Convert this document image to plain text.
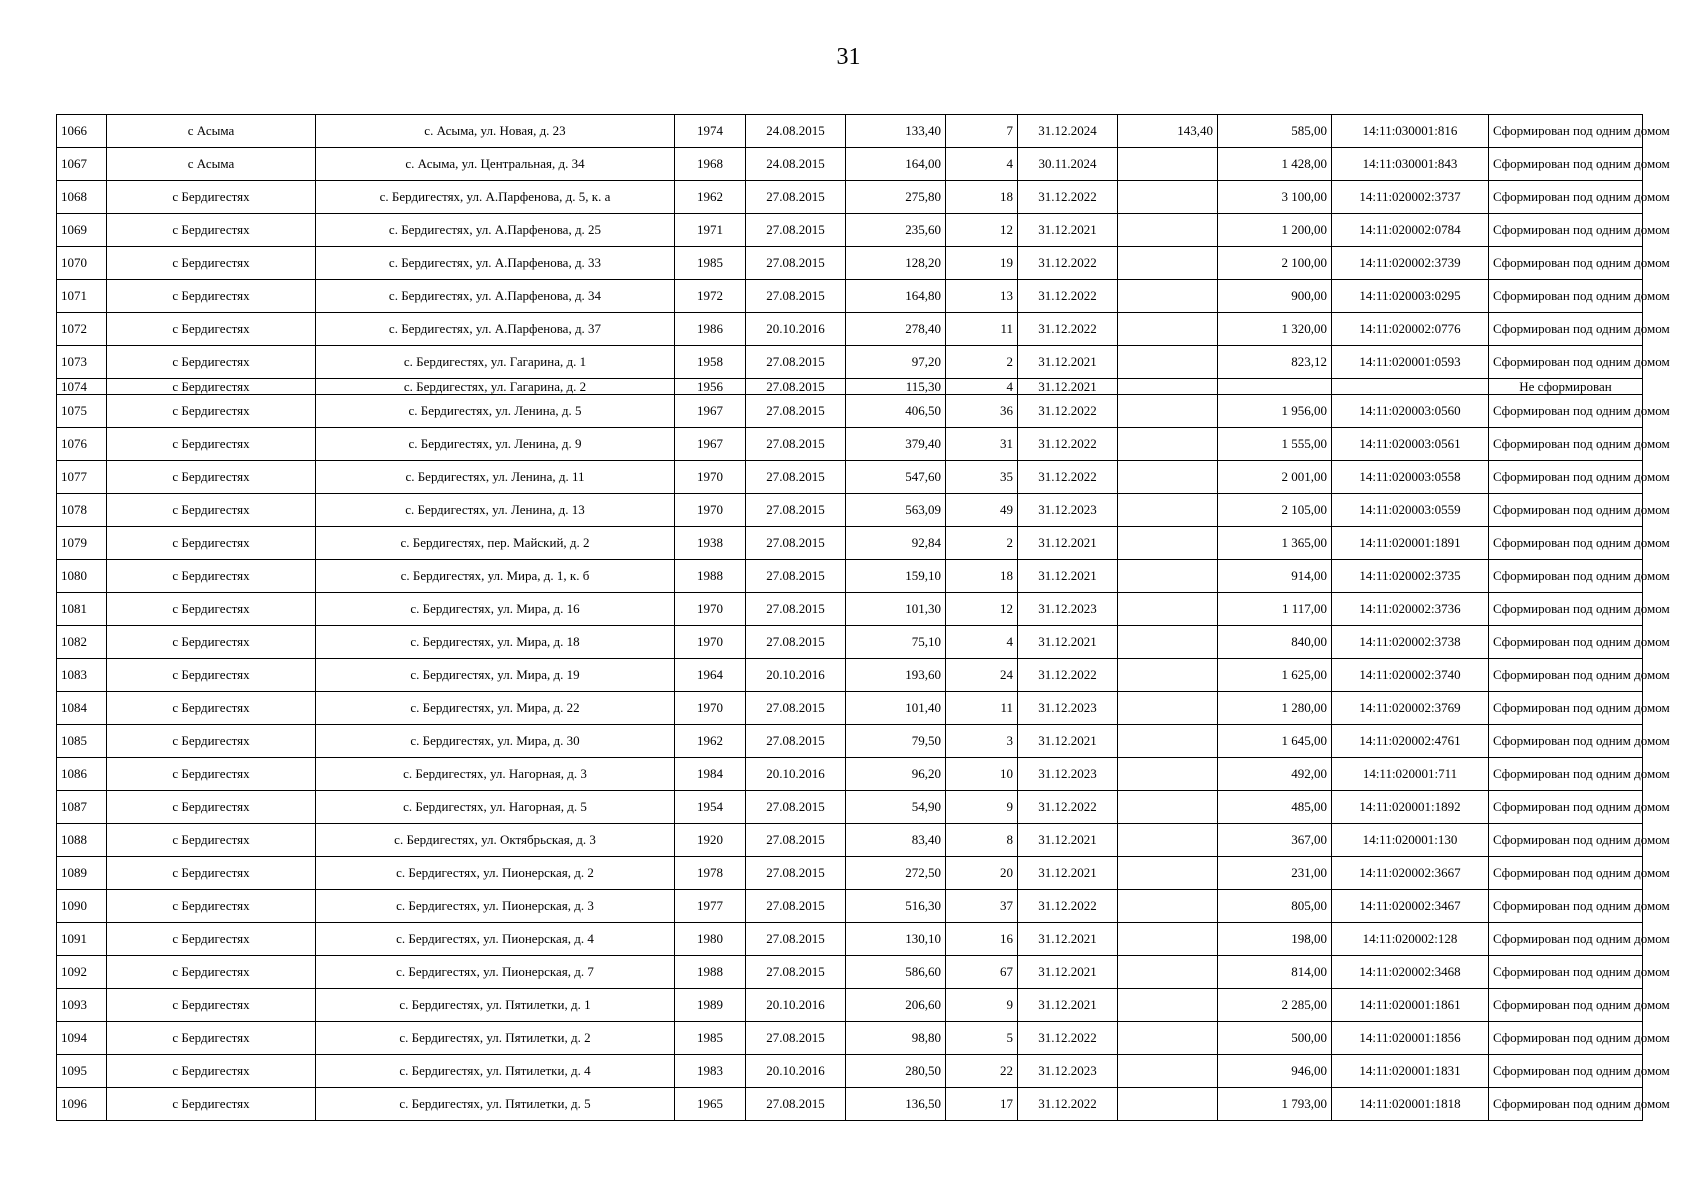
31
1066	с Асыма	с. Асыма, ул. Новая, д. 23	1974	24.08.2015	133,40	7	31.12.2024	143,40	585,00	14:11:030001:816	Сформирован под одним домом
1067	с Асыма	с. Асыма, ул. Центральная, д. 34	1968	24.08.2015	164,00	4	30.11.2024		1 428,00	14:11:030001:843	Сформирован под одним домом
1068	с Бердигестях	с. Бердигестях, ул. А.Парфенова, д. 5, к. а	1962	27.08.2015	275,80	18	31.12.2022		3 100,00	14:11:020002:3737	Сформирован под одним домом
1069	с Бердигестях	с. Бердигестях, ул. А.Парфенова, д. 25	1971	27.08.2015	235,60	12	31.12.2021		1 200,00	14:11:020002:0784	Сформирован под одним домом
1070	с Бердигестях	с. Бердигестях, ул. А.Парфенова, д. 33	1985	27.08.2015	128,20	19	31.12.2022		2 100,00	14:11:020002:3739	Сформирован под одним домом
1071	с Бердигестях	с. Бердигестях, ул. А.Парфенова, д. 34	1972	27.08.2015	164,80	13	31.12.2022		900,00	14:11:020003:0295	Сформирован под одним домом
1072	с Бердигестях	с. Бердигестях, ул. А.Парфенова, д. 37	1986	20.10.2016	278,40	11	31.12.2022		1 320,00	14:11:020002:0776	Сформирован под одним домом
1073	с Бердигестях	с. Бердигестях, ул. Гагарина, д. 1	1958	27.08.2015	97,20	2	31.12.2021		823,12	14:11:020001:0593	Сформирован под одним домом
1074	с Бердигестях	с. Бердигестях, ул. Гагарина, д. 2	1956	27.08.2015	115,30	4	31.12.2021				Не сформирован
1075	с Бердигестях	с. Бердигестях, ул. Ленина, д. 5	1967	27.08.2015	406,50	36	31.12.2022		1 956,00	14:11:020003:0560	Сформирован под одним домом
1076	с Бердигестях	с. Бердигестях, ул. Ленина, д. 9	1967	27.08.2015	379,40	31	31.12.2022		1 555,00	14:11:020003:0561	Сформирован под одним домом
1077	с Бердигестях	с. Бердигестях, ул. Ленина, д. 11	1970	27.08.2015	547,60	35	31.12.2022		2 001,00	14:11:020003:0558	Сформирован под одним домом
1078	с Бердигестях	с. Бердигестях, ул. Ленина, д. 13	1970	27.08.2015	563,09	49	31.12.2023		2 105,00	14:11:020003:0559	Сформирован под одним домом
1079	с Бердигестях	с. Бердигестях, пер. Майский, д. 2	1938	27.08.2015	92,84	2	31.12.2021		1 365,00	14:11:020001:1891	Сформирован под одним домом
1080	с Бердигестях	с. Бердигестях, ул. Мира, д. 1, к. б	1988	27.08.2015	159,10	18	31.12.2021		914,00	14:11:020002:3735	Сформирован под одним домом
1081	с Бердигестях	с. Бердигестях, ул. Мира, д. 16	1970	27.08.2015	101,30	12	31.12.2023		1 117,00	14:11:020002:3736	Сформирован под одним домом
1082	с Бердигестях	с. Бердигестях, ул. Мира, д. 18	1970	27.08.2015	75,10	4	31.12.2021		840,00	14:11:020002:3738	Сформирован под одним домом
1083	с Бердигестях	с. Бердигестях, ул. Мира, д. 19	1964	20.10.2016	193,60	24	31.12.2022		1 625,00	14:11:020002:3740	Сформирован под одним домом
1084	с Бердигестях	с. Бердигестях, ул. Мира, д. 22	1970	27.08.2015	101,40	11	31.12.2023		1 280,00	14:11:020002:3769	Сформирован под одним домом
1085	с Бердигестях	с. Бердигестях, ул. Мира, д. 30	1962	27.08.2015	79,50	3	31.12.2021		1 645,00	14:11:020002:4761	Сформирован под одним домом
1086	с Бердигестях	с. Бердигестях, ул. Нагорная, д. 3	1984	20.10.2016	96,20	10	31.12.2023		492,00	14:11:020001:711	Сформирован под одним домом
1087	с Бердигестях	с. Бердигестях, ул. Нагорная, д. 5	1954	27.08.2015	54,90	9	31.12.2022		485,00	14:11:020001:1892	Сформирован под одним домом
1088	с Бердигестях	с. Бердигестях, ул. Октябрьская, д. 3	1920	27.08.2015	83,40	8	31.12.2021		367,00	14:11:020001:130	Сформирован под одним домом
1089	с Бердигестях	с. Бердигестях, ул. Пионерская, д. 2	1978	27.08.2015	272,50	20	31.12.2021		231,00	14:11:020002:3667	Сформирован под одним домом
1090	с Бердигестях	с. Бердигестях, ул. Пионерская, д. 3	1977	27.08.2015	516,30	37	31.12.2022		805,00	14:11:020002:3467	Сформирован под одним домом
1091	с Бердигестях	с. Бердигестях, ул. Пионерская, д. 4	1980	27.08.2015	130,10	16	31.12.2021		198,00	14:11:020002:128	Сформирован под одним домом
1092	с Бердигестях	с. Бердигестях, ул. Пионерская, д. 7	1988	27.08.2015	586,60	67	31.12.2021		814,00	14:11:020002:3468	Сформирован под одним домом
1093	с Бердигестях	с. Бердигестях, ул. Пятилетки, д. 1	1989	20.10.2016	206,60	9	31.12.2021		2 285,00	14:11:020001:1861	Сформирован под одним домом
1094	с Бердигестях	с. Бердигестях, ул. Пятилетки, д. 2	1985	27.08.2015	98,80	5	31.12.2022		500,00	14:11:020001:1856	Сформирован под одним домом
1095	с Бердигестях	с. Бердигестях, ул. Пятилетки, д. 4	1983	20.10.2016	280,50	22	31.12.2023		946,00	14:11:020001:1831	Сформирован под одним домом
1096	с Бердигестях	с. Бердигестях, ул. Пятилетки, д. 5	1965	27.08.2015	136,50	17	31.12.2022		1 793,00	14:11:020001:1818	Сформирован под одним домом
